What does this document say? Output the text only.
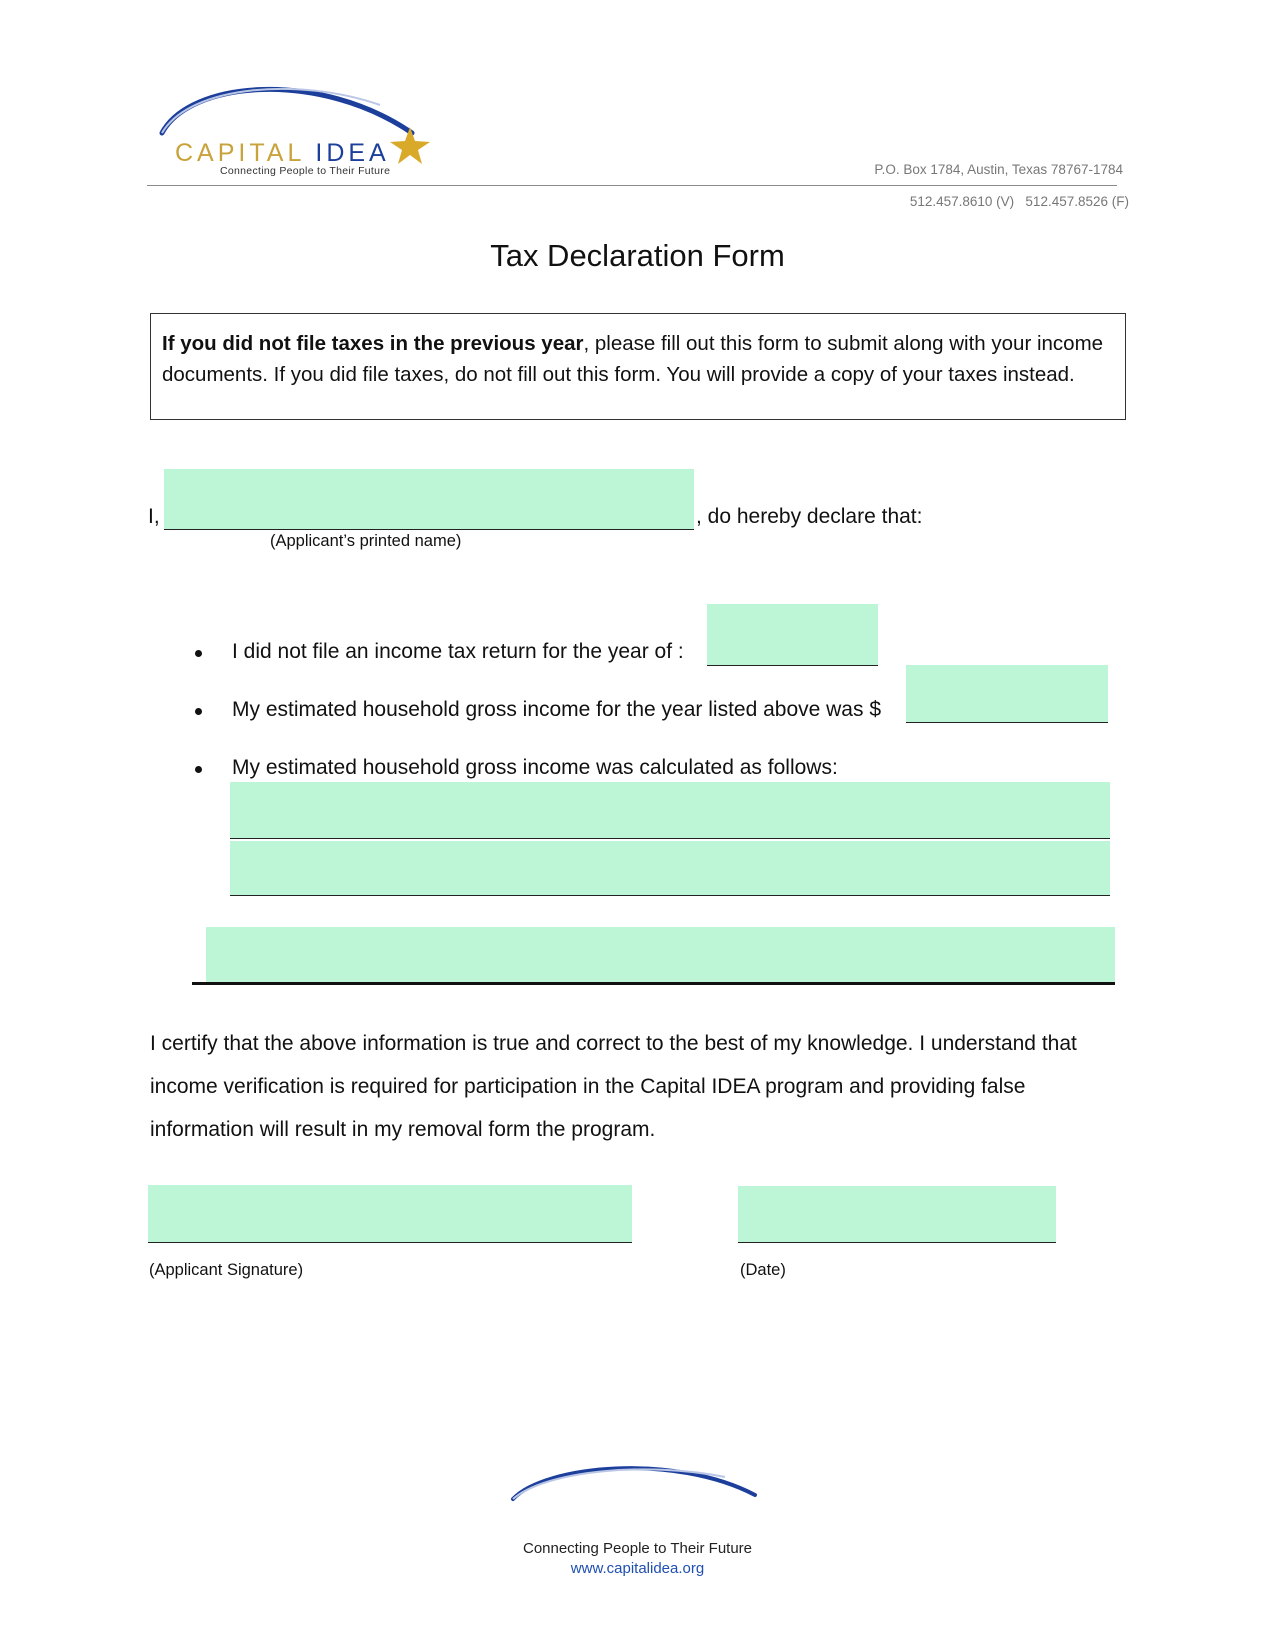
CAPITAL IDEA
Connecting People to Their Future	P.O. Box 1784, Austin, Texas 78767-1784
512.457.8610 (V)   512.457.8526 (F)
Tax Declaration Form
If you did not file taxes in the previous year, please fill out this form to submit along with your income documents. If you did file taxes, do not fill out this form. You will provide a copy of your taxes instead.
I,	, do hereby declare that:
(Applicant’s printed name)
I did not file an income tax return for the year of :
My estimated household gross income for the year listed above was $
My estimated household gross income was calculated as follows:
I certify that the above information is true and correct to the best of my knowledge. I understand that income verification is required for participation in the Capital IDEA program and providing false information will result in my removal form the program.
(Applicant Signature)	(Date)
Connecting People to Their Future
www.capitalidea.org
